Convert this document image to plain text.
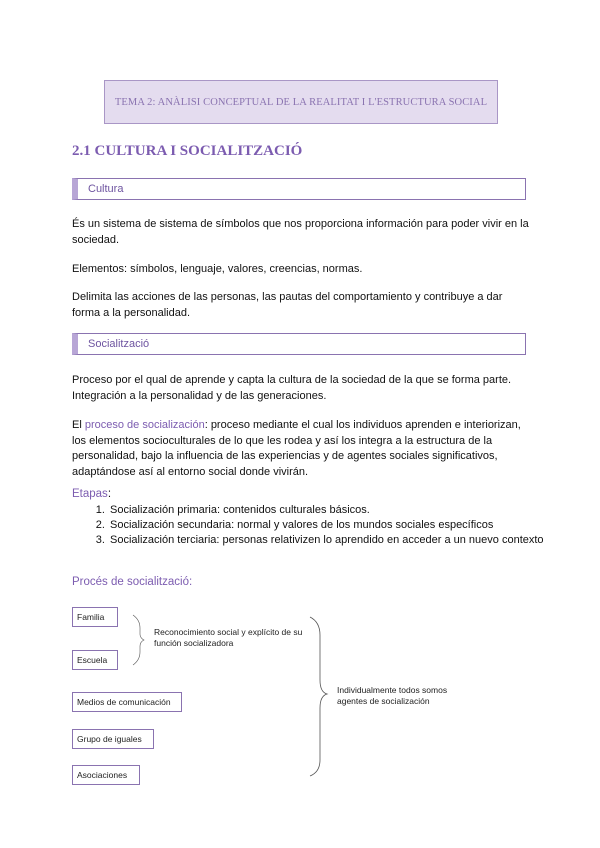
TEMA 2: ANÀLISI CONCEPTUAL DE LA REALITAT I L'ESTRUCTURA SOCIAL
2.1 CULTURA I SOCIALITZACIÓ
Cultura

És un sistema de sistema de símbolos que nos proporciona información para poder vivir en la sociedad.

Elementos: símbolos, lenguaje, valores, creencias, normas.

Delimita las acciones de las personas, las pautas del comportamiento y contribuye a dar forma a la personalidad.

Socialització

Proceso por el qual de aprende y capta la cultura de la sociedad de la que se forma parte. Integración a la personalidad y de las generaciones.

El proceso de socialización: proceso mediante el cual los individuos aprenden e interiorizan, los elementos socioculturales de lo que les rodea y así los integra a la estructura de la personalidad, bajo la influencia de las experiencias y de agentes sociales significativos, adaptándose así al entorno social donde vivirán.

Etapas:
1. Socialización primaria: contenidos culturales básicos.
2. Socialización secundaria: normal y valores de los mundos sociales específicos
3. Socialización terciaria: personas relativizen lo aprendido en acceder a un nuevo contexto
Procés de socialització:
Familia
Escuela
Medios de comunicación
Grupo de iguales
Asociaciones
Reconocimiento social y explícito de su función socializadora
Individualmente todos somos agentes de socialización
